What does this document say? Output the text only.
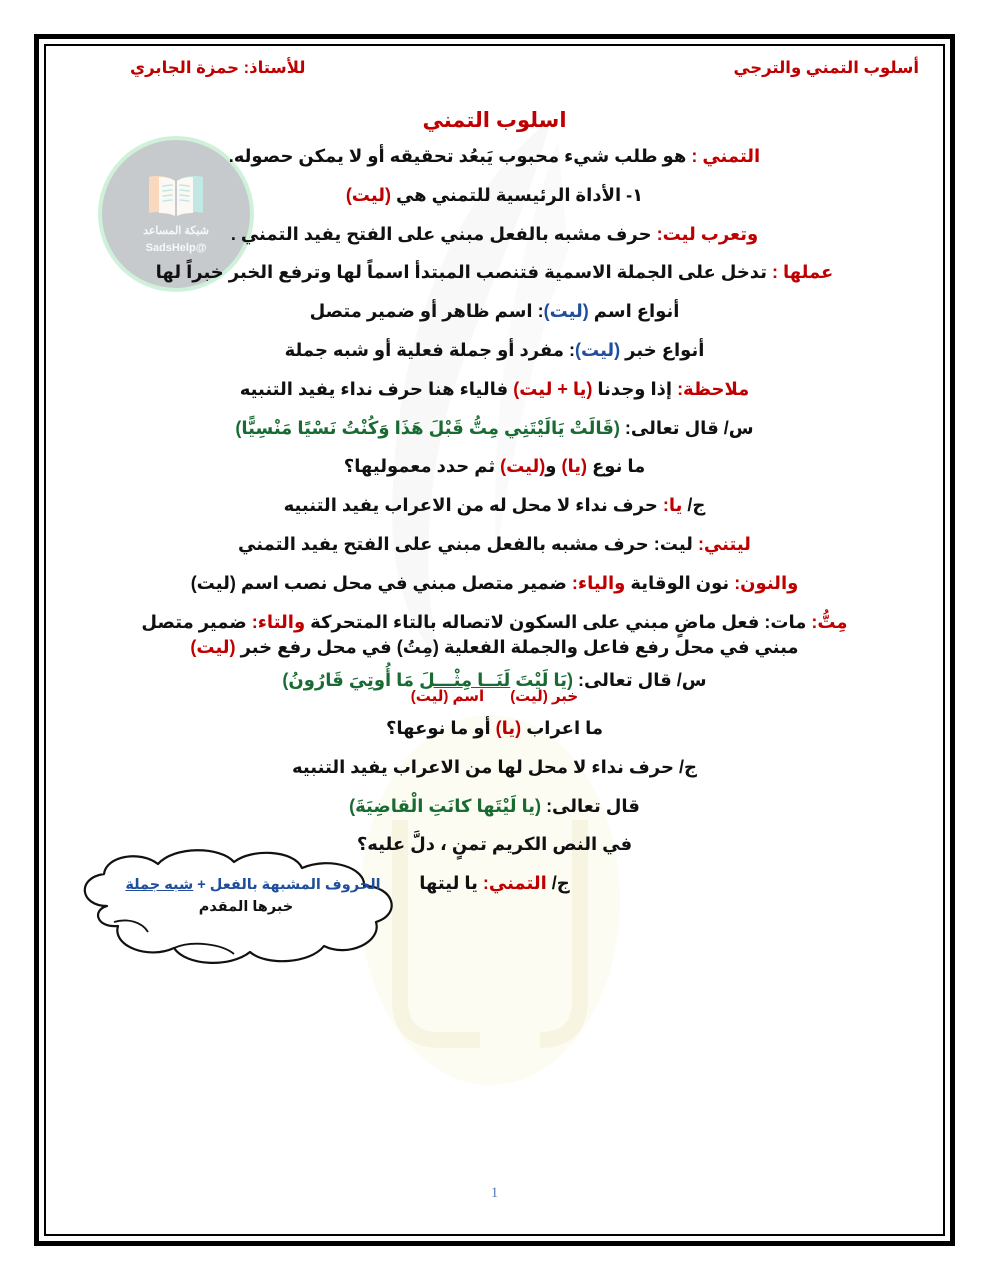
أسلوب التمني والترجي
للأستاذ: حمزة الجابري
شبكة المساعد
@SadsHelp
اسلوب التمني

التمني : هو طلب شيء محبوب يَبعُد تحقيقه أو لا يمكن حصوله.

١- الأداة الرئيسية للتمني هي (ليت)

وتعرب ليت: حرف مشبه بالفعل مبني على الفتح يفيد التمني .

عملها : تدخل على الجملة الاسمية فتنصب المبتدأ اسماً لها وترفع الخبر خبراً لها

أنواع اسم (ليت): اسم ظاهر أو ضمير متصل

أنواع خبر (ليت): مفرد أو جملة فعلية أو شبه جملة

ملاحظة: إذا وجدنا (يا + ليت) فالياء هنا حرف نداء يفيد التنبيه

س/ قال تعالى: (قَالَتْ يَالَيْتَنِي مِتُّ قَبْلَ هَذَا وَكُنْتُ نَسْيًا مَنْسِيًّا)

ما نوع (يا) و(ليت) ثم حدد معموليها؟

ج/ يا: حرف نداء لا محل له من الاعراب يفيد التنبيه

ليتني: ليت: حرف مشبه بالفعل مبني على الفتح يفيد التمني

والنون: نون الوقاية والياء: ضمير متصل مبني في محل نصب اسم (ليت)

مِتُّ: مات: فعل ماضٍ مبني على السكون لاتصاله بالتاء المتحركة والتاء: ضمير متصل

مبني في محل رفع فاعل والجملة الفعلية (مِتُ) في محل رفع خبر (ليت)

س/ قال تعالى: (يَا لَيْتَ لَنَــا مِثْـــلَ مَا أُوتِيَ قَارُونُ)

خبر (ليت)اسم (ليت)

ما اعراب (يا) أو ما نوعها؟

ج/ حرف نداء لا محل لها من الاعراب يفيد التنبيه

قال تعالى: (يا لَيْتَها كانَتِ الْقاضِيَةَ)

في النص الكريم تمنٍ ، دلَّ عليه؟

ج/ التمني: يا ليتها

الحروف المشبهة بالفعل + شبه جملة
خبرها المقدم
1
